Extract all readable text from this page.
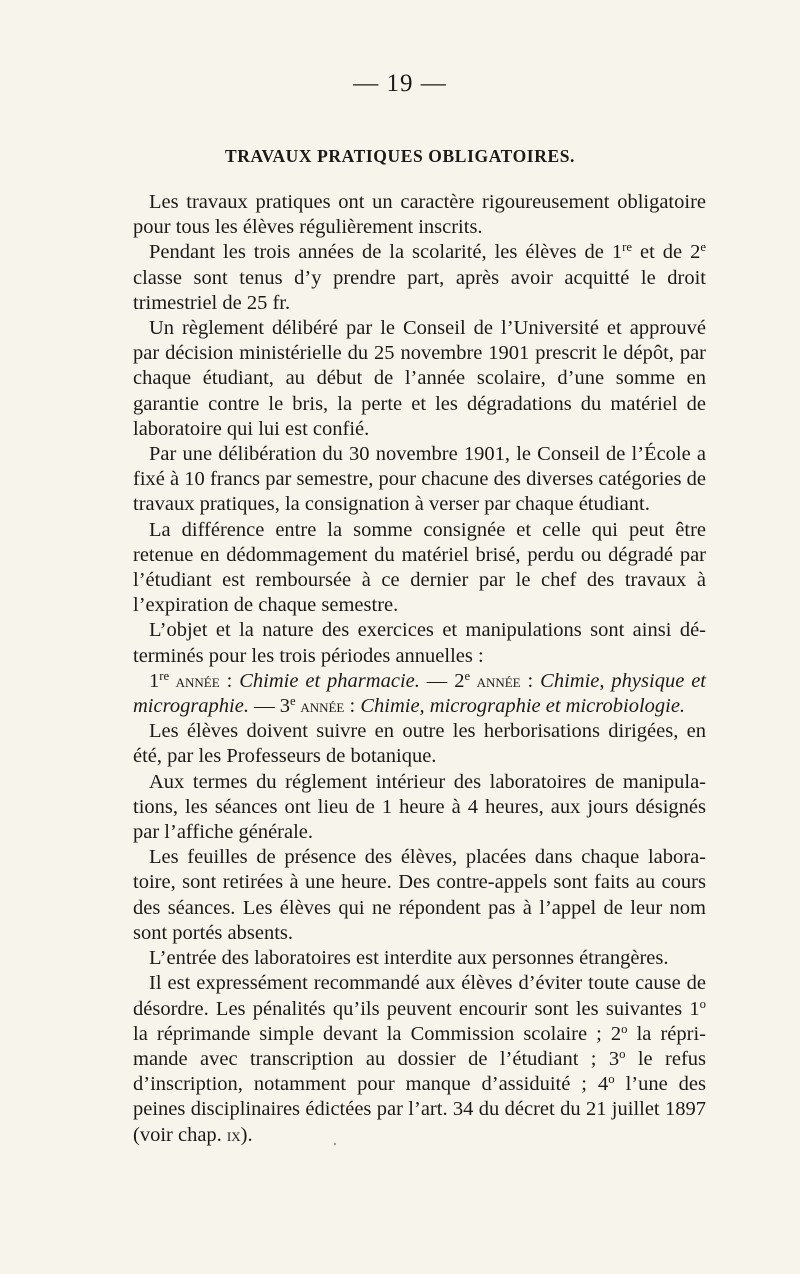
— 19 —
TRAVAUX PRATIQUES OBLIGATOIRES.

Les travaux pratiques ont un caractère rigoureusement obligatoire pour tous les élèves régulièrement inscrits.

Pendant les trois années de la scolarité, les élèves de 1re et de 2e classe sont tenus d’y prendre part, après avoir acquitté le droit trimestriel de 25 fr.

Un règlement délibéré par le Conseil de l’Université et approuvé par décision ministérielle du 25 novembre 1901 prescrit le dépôt, par chaque étudiant, au début de l’année scolaire, d’une somme en garantie contre le bris, la perte et les dégradations du matériel de laboratoire qui lui est confié.

Par une délibération du 30 novembre 1901, le Conseil de l’École a fixé à 10 francs par semestre, pour chacune des diverses catégories de travaux pratiques, la consignation à verser par chaque étudiant.

La différence entre la somme consignée et celle qui peut être retenue en dédommagement du matériel brisé, perdu ou dégradé par l’étudiant est remboursée à ce dernier par le chef des travaux à l’expiration de chaque semestre.

L’objet et la nature des exercices et manipulations sont ainsi déterminés pour les trois périodes annuelles :

1re année : Chimie et pharmacie. — 2e année : Chimie, physique et micrographie. — 3e année : Chimie, micrographie et microbiologie.

Les élèves doivent suivre en outre les herborisations dirigées, en été, par les Professeurs de botanique.

Aux termes du réglement intérieur des laboratoires de manipulations, les séances ont lieu de 1 heure à 4 heures, aux jours désignés par l’affiche générale.

Les feuilles de présence des élèves, placées dans chaque laboratoire, sont retirées à une heure. Des contre-appels sont faits au cours des séances. Les élèves qui ne répondent pas à l’appel de leur nom sont portés absents.

L’entrée des laboratoires est interdite aux personnes étrangères.

Il est expressément recommandé aux élèves d’éviter toute cause de désordre. Les pénalités qu’ils peuvent encourir sont les suivantes 1$^o$ la réprimande simple devant la Commission scolaire ; 2$^o$ la réprimande avec transcription au dossier de l’étudiant ; 3$^o$ le refus d’inscription, notamment pour manque d’assiduité ; 4$^o$ l’une des peines disciplinaires édictées par l’art. 34 du décret du 21 juillet 1897 (voir chap. ix).
